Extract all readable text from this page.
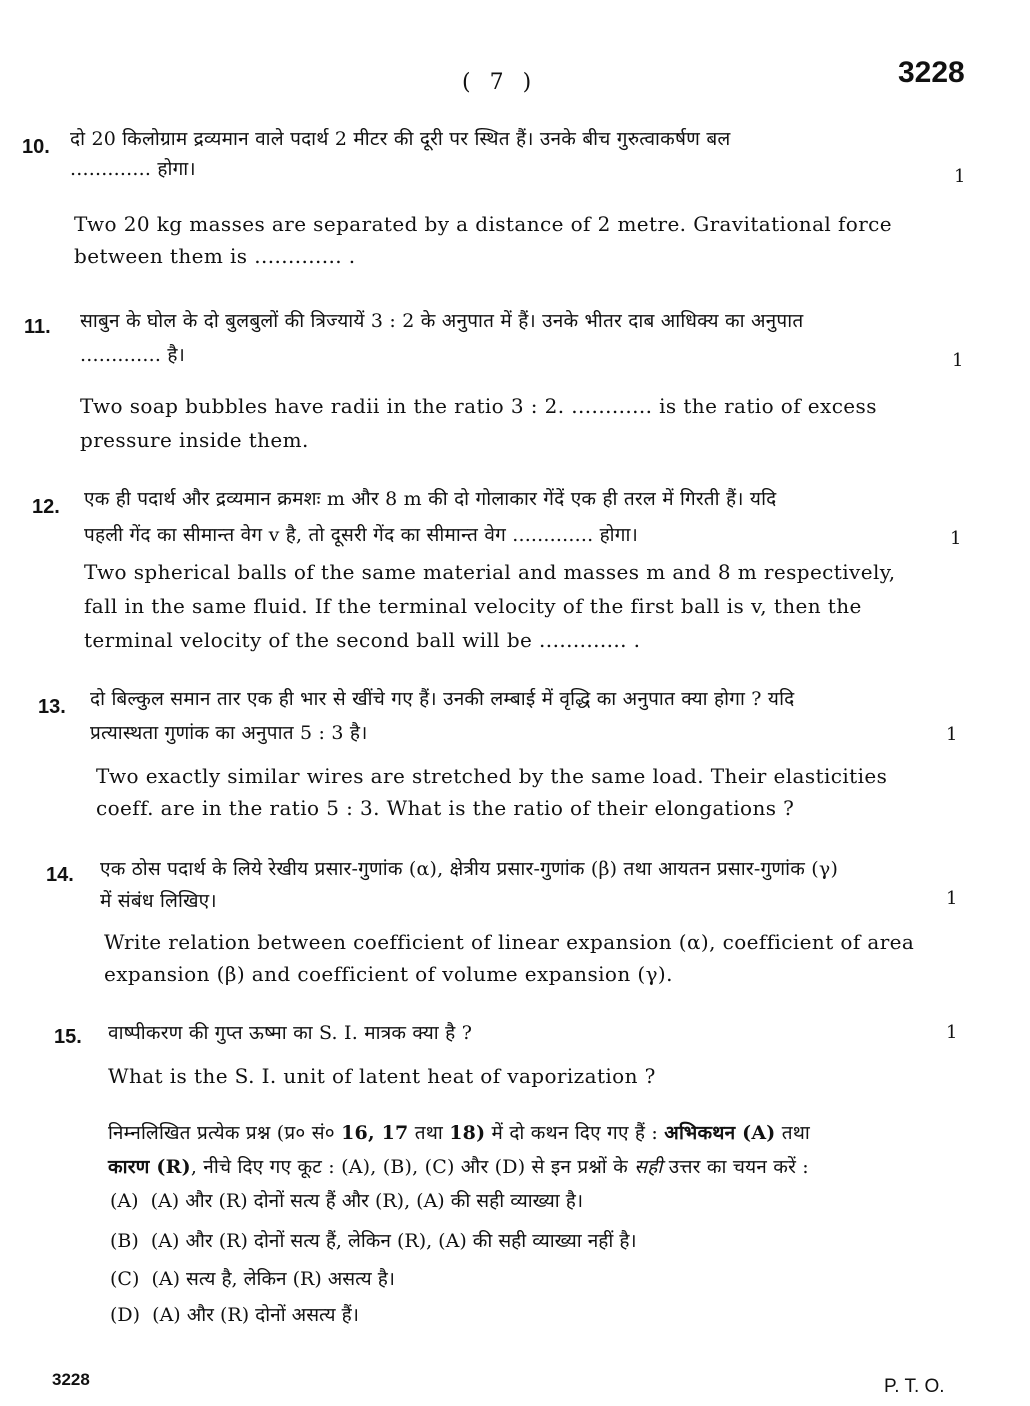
( 7 )	3228
10. दो 20 किलोग्राम द्रव्यमान वाले पदार्थ 2 मीटर की दूरी पर स्थित हैं। उनके बीच गुरुत्वाकर्षण बल
............. होगा।	1
Two 20 kg masses are separated by a distance of 2 metre. Gravitational force
between them is ............. .
11. साबुन के घोल के दो बुलबुलों की त्रिज्यायें 3 : 2 के अनुपात में हैं। उनके भीतर दाब आधिक्य का अनुपात
............. है।	1
Two soap bubbles have radii in the ratio 3 : 2. ............ is the ratio of excess
pressure inside them.
12. एक ही पदार्थ और द्रव्यमान क्रमशः m और 8 m की दो गोलाकार गेंदें एक ही तरल में गिरती हैं। यदि
पहली गेंद का सीमान्त वेग v है, तो दूसरी गेंद का सीमान्त वेग ............. होगा।	1
Two spherical balls of the same material and masses m and 8 m respectively,
fall in the same fluid. If the terminal velocity of the first ball is v, then the
terminal velocity of the second ball will be ............. .
13. दो बिल्कुल समान तार एक ही भार से खींचे गए हैं। उनकी लम्बाई में वृद्धि का अनुपात क्या होगा ? यदि
प्रत्यास्थता गुणांक का अनुपात 5 : 3 है।	1
Two exactly similar wires are stretched by the same load. Their elasticities
coeff. are in the ratio 5 : 3. What is the ratio of their elongations ?
14. एक ठोस पदार्थ के लिये रेखीय प्रसार-गुणांक (α), क्षेत्रीय प्रसार-गुणांक (β) तथा आयतन प्रसार-गुणांक (γ)
में संबंध लिखिए।	1
Write relation between coefficient of linear expansion (α), coefficient of area
expansion (β) and coefficient of volume expansion (γ).
15. वाष्पीकरण की गुप्त ऊष्मा का S. I. मात्रक क्या है ?	1
What is the S. I. unit of latent heat of vaporization ?
निम्नलिखित प्रत्येक प्रश्न (प्र० सं० 16, 17 तथा 18) में दो कथन दिए गए हैं : अभिकथन (A) तथा
कारण (R), नीचे दिए गए कूट : (A), (B), (C) और (D) से इन प्रश्नों के सही उत्तर का चयन करें :
(A) (A) और (R) दोनों सत्य हैं और (R), (A) की सही व्याख्या है।
(B) (A) और (R) दोनों सत्य हैं, लेकिन (R), (A) की सही व्याख्या नहीं है।
(C) (A) सत्य है, लेकिन (R) असत्य है।
(D) (A) और (R) दोनों असत्य हैं।
3228	P. T. O.
